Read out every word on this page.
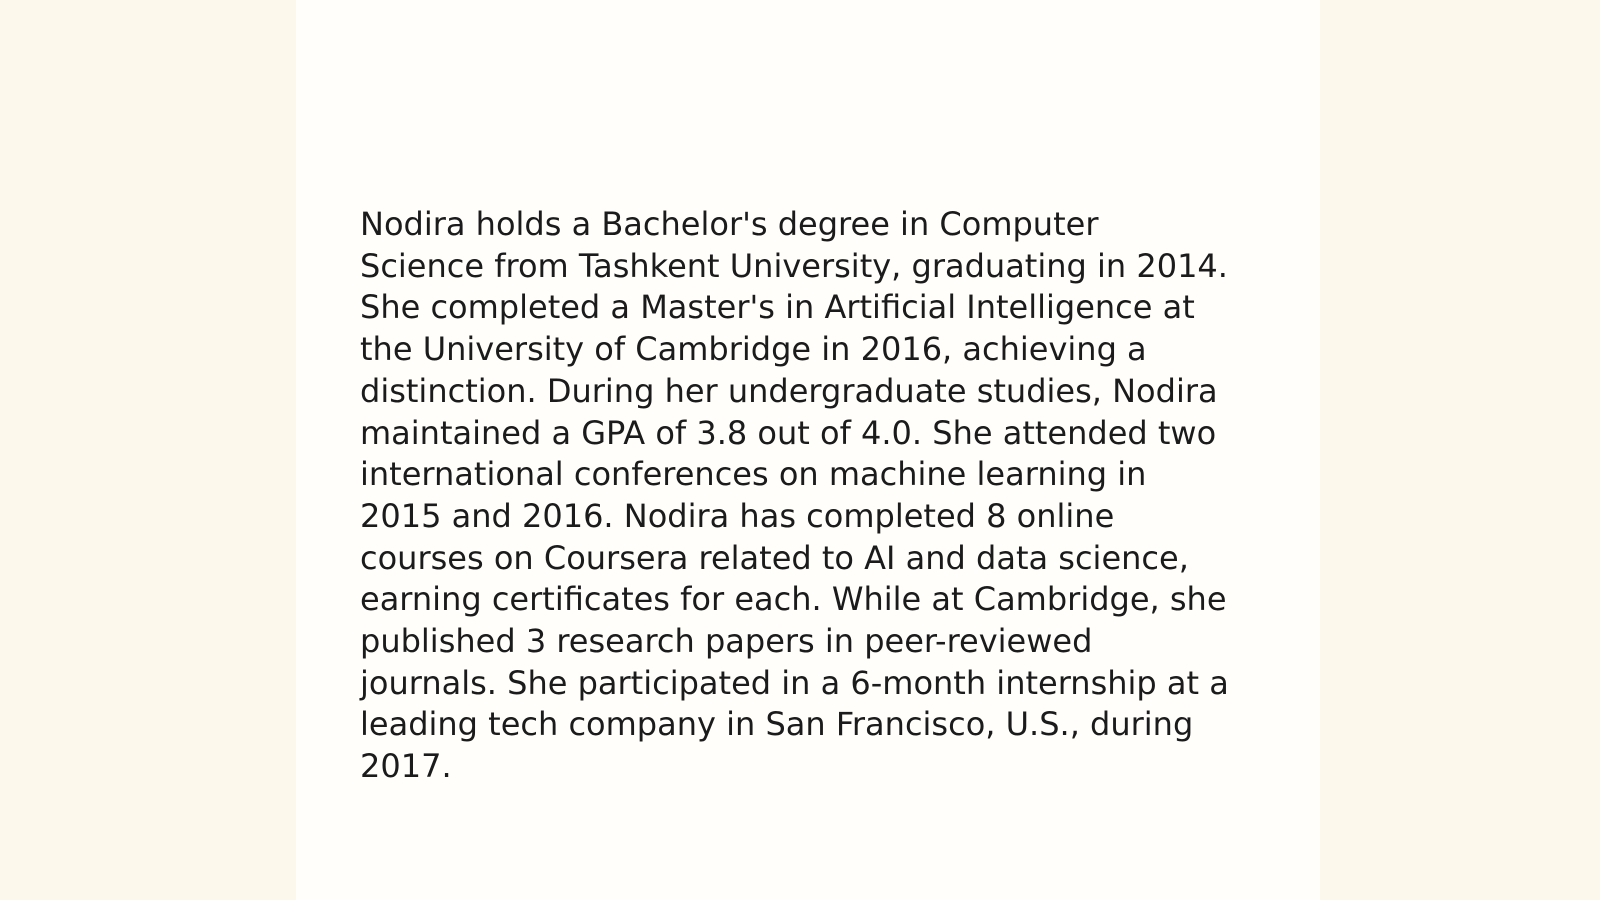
Nodira holds a Bachelor's degree in Computer
Science from Tashkent University, graduating in 2014.
She completed a Master's in Artificial Intelligence at
the University of Cambridge in 2016, achieving a
distinction. During her undergraduate studies, Nodira
maintained a GPA of 3.8 out of 4.0. She attended two
international conferences on machine learning in
2015 and 2016. Nodira has completed 8 online
courses on Coursera related to AI and data science,
earning certificates for each. While at Cambridge, she
published 3 research papers in peer-reviewed
journals. She participated in a 6-month internship at a
leading tech company in San Francisco, U.S., during
2017.
